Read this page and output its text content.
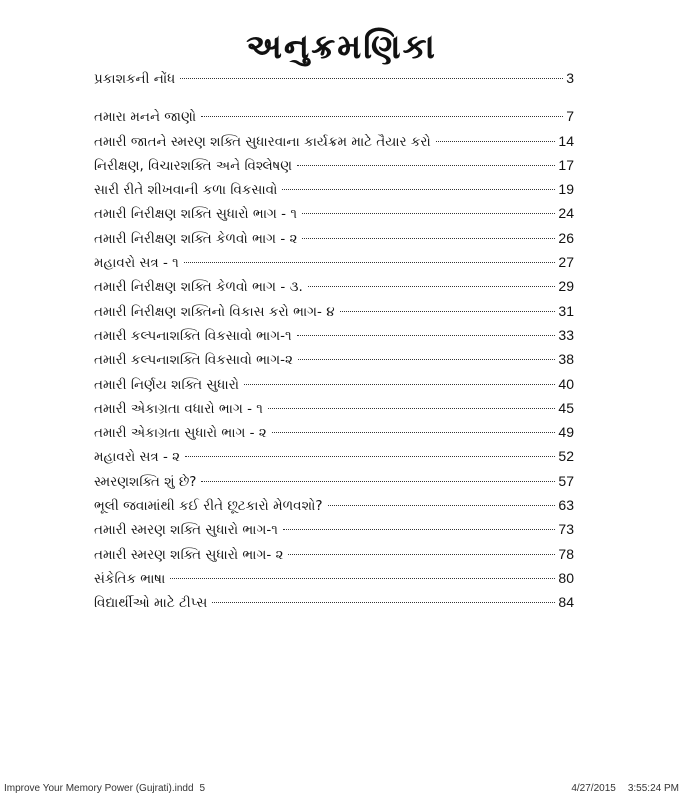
અનુક્રમણિકા
પ્રકાશકની નોંધ	3
તમારા મનને જાણો	7
તમારી જાતને સ્મરણ શક્તિ સુધારવાના કાર્યક્રમ માટે તૈયાર કરો	14
નિરીક્ષણ, વિચારશક્તિ અને વિશ્લેષણ	17
સારી રીતે શીખવાની કળા વિકસાવો	19
તમારી નિરીક્ષણ શક્તિ સુધારો ભાગ - ૧	24
તમારી નિરીક્ષણ શક્તિ કેળવો ભાગ - ૨	26
મહાવરો સત્ર - ૧	27
તમારી નિરીક્ષણ શક્તિ કેળવો ભાગ - ૩.	29
તમારી નિરીક્ષણ શક્તિનો વિકાસ કરો ભાગ- ૪	31
તમારી કલ્પનાશક્તિ વિકસાવો ભાગ-૧	33
તમારી કલ્પનાશક્તિ વિકસાવો ભાગ-૨	38
તમારી નિર્ણય શક્તિ સુધારો	40
તમારી એકાગ્રતા વધારો ભાગ - ૧	45
તમારી એકાગ્રતા સુધારો ભાગ - ૨	49
મહાવરો સત્ર - ૨	52
સ્મરણશક્તિ શું છે?	57
ભૂલી જવામાંથી કઈ રીતે છૂટકારો મેળવશો?	63
તમારી સ્મરણ શક્તિ સુધારો ભાગ-૧	73
તમારી સ્મરણ શક્તિ સુધારો ભાગ- ૨	78
સંકેતિક ભાષા	80
વિદ્યાર્થીઓ માટે ટીપ્સ	84
Improve Your Memory Power (Gujrati).indd 5	4/27/2015 3:55:24 PM
